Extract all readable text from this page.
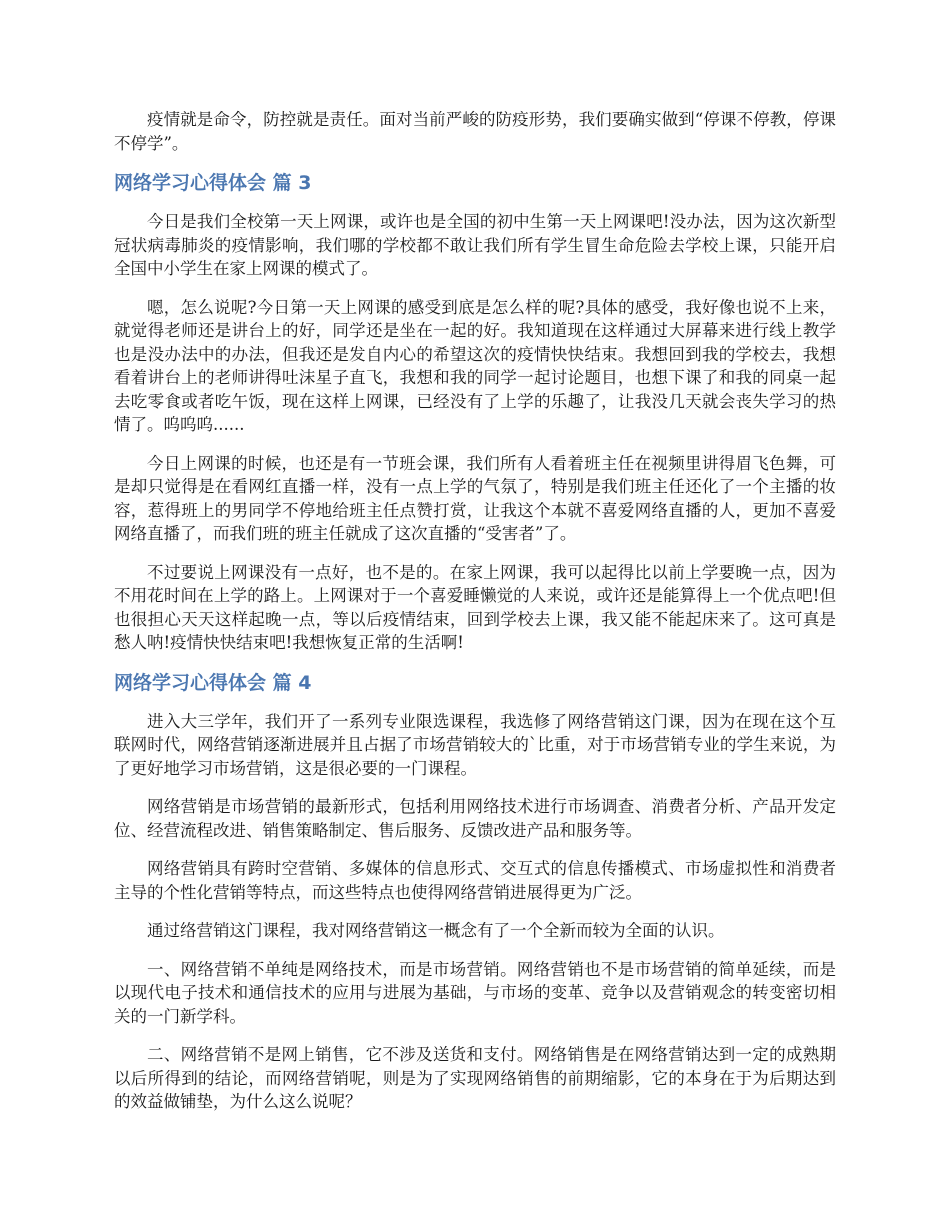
疫情就是命令，防控就是责任。面对当前严峻的防疫形势，我们要确实做到“停课不停教，停课不停学”。

网络学习心得体会 篇 3

今日是我们全校第一天上网课，或许也是全国的初中生第一天上网课吧!没办法，因为这次新型冠状病毒肺炎的疫情影响，我们哪的学校都不敢让我们所有学生冒生命危险去学校上课，只能开启全国中小学生在家上网课的模式了。

嗯，怎么说呢?今日第一天上网课的感受到底是怎么样的呢?具体的感受，我好像也说不上来，就觉得老师还是讲台上的好，同学还是坐在一起的好。我知道现在这样通过大屏幕来进行线上教学也是没办法中的办法，但我还是发自内心的希望这次的疫情快快结束。我想回到我的学校去，我想看着讲台上的老师讲得吐沫星子直飞，我想和我的同学一起讨论题目，也想下课了和我的同桌一起去吃零食或者吃午饭，现在这样上网课，已经没有了上学的乐趣了，让我没几天就会丧失学习的热情了。呜呜呜......

今日上网课的时候，也还是有一节班会课，我们所有人看着班主任在视频里讲得眉飞色舞，可是却只觉得是在看网红直播一样，没有一点上学的气氛了，特别是我们班主任还化了一个主播的妆容，惹得班上的男同学不停地给班主任点赞打赏，让我这个本就不喜爱网络直播的人，更加不喜爱网络直播了，而我们班的班主任就成了这次直播的“受害者”了。

不过要说上网课没有一点好，也不是的。在家上网课，我可以起得比以前上学要晚一点，因为不用花时间在上学的路上。上网课对于一个喜爱睡懒觉的人来说，或许还是能算得上一个优点吧!但也很担心天天这样起晚一点，等以后疫情结束，回到学校去上课，我又能不能起床来了。这可真是愁人呐!疫情快快结束吧!我想恢复正常的生活啊!

网络学习心得体会 篇 4

进入大三学年，我们开了一系列专业限选课程，我选修了网络营销这门课，因为在现在这个互联网时代，网络营销逐渐进展并且占据了市场营销较大的`比重，对于市场营销专业的学生来说，为了更好地学习市场营销，这是很必要的一门课程。

网络营销是市场营销的最新形式，包括利用网络技术进行市场调查、消费者分析、产品开发定位、经营流程改进、销售策略制定、售后服务、反馈改进产品和服务等。

网络营销具有跨时空营销、多媒体的信息形式、交互式的信息传播模式、市场虚拟性和消费者主导的个性化营销等特点，而这些特点也使得网络营销进展得更为广泛。

通过络营销这门课程，我对网络营销这一概念有了一个全新而较为全面的认识。

一、网络营销不单纯是网络技术，而是市场营销。网络营销也不是市场营销的简单延续，而是以现代电子技术和通信技术的应用与进展为基础，与市场的变革、竞争以及营销观念的转变密切相关的一门新学科。

二、网络营销不是网上销售，它不涉及送货和支付。网络销售是在网络营销达到一定的成熟期以后所得到的结论，而网络营销呢，则是为了实现网络销售的前期缩影，它的本身在于为后期达到的效益做铺垫，为什么这么说呢？
